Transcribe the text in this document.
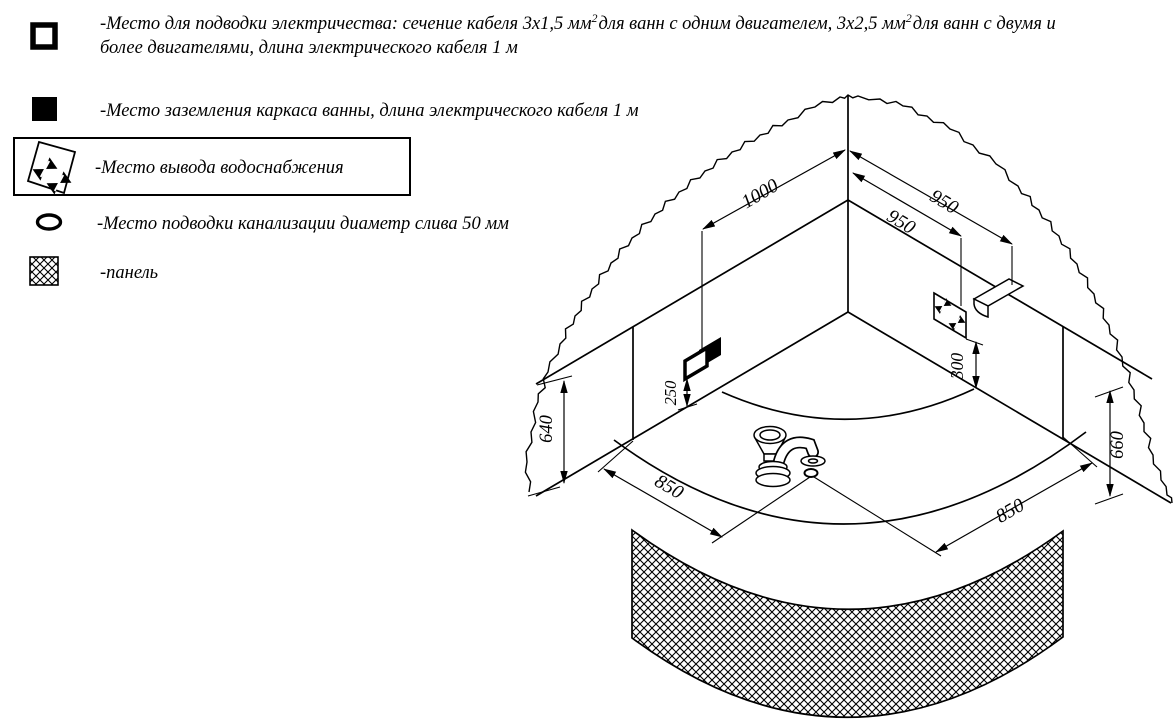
1000	950
950
250
300
640
660
850
850
-Место для подводки электричества: сечение кабеля 3х1,5 $мм^2для$ ванн с одним двигателем, 3х2,5 $мм^2для$ ванн с двумя и
более двигателями, длина электрического кабеля 1 м
-Место заземления каркаса ванны, длина электрического кабеля 1 м
-Место вывода водоснабжения
-Место подводки канализации диаметр слива 50 мм
-панель
